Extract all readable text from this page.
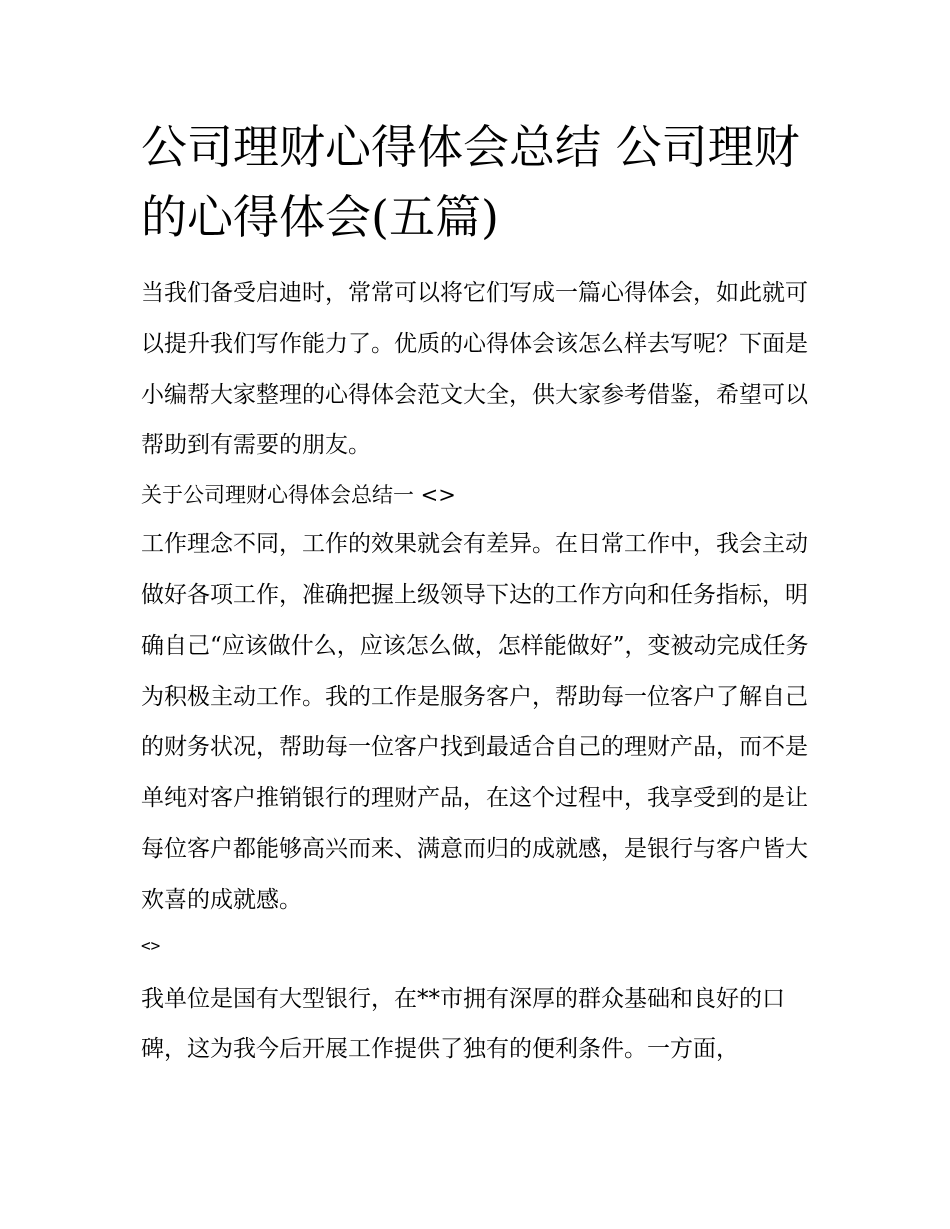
公司理财心得体会总结 公司理财的心得体会(五篇)

当我们备受启迪时，常常可以将它们写成一篇心得体会，如此就可以提升我们写作能力了。优质的心得体会该怎么样去写呢？下面是小编帮大家整理的心得体会范文大全，供大家参考借鉴，希望可以帮助到有需要的朋友。

关于公司理财心得体会总结一 <>

工作理念不同，工作的效果就会有差异。在日常工作中，我会主动做好各项工作，准确把握上级领导下达的工作方向和任务指标，明确自己“应该做什么，应该怎么做，怎样能做好”，变被动完成任务为积极主动工作。我的工作是服务客户，帮助每一位客户了解自己的财务状况，帮助每一位客户找到最适合自己的理财产品，而不是单纯对客户推销银行的理财产品，在这个过程中，我享受到的是让每位客户都能够高兴而来、满意而归的成就感，是银行与客户皆大欢喜的成就感。

<>

我单位是国有大型银行，在**市拥有深厚的群众基础和良好的口碑，这为我今后开展工作提供了独有的便利条件。一方面，
